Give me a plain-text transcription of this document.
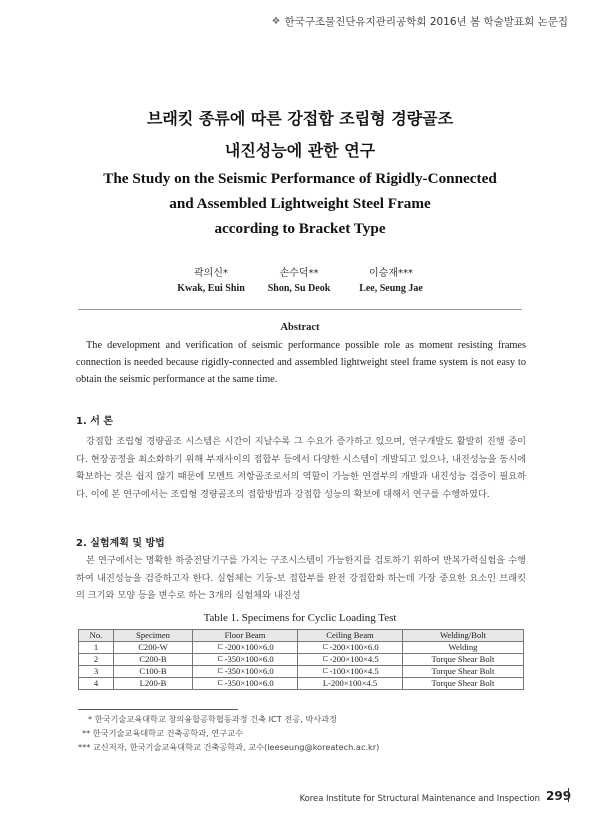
❖ 한국구조물진단유지관리공학회 2016년 봄 학술발표회 논문집
브래킷 종류에 따른 강접합 조립형 경량골조
내진성능에 관한 연구
The Study on the Seismic Performance of Rigidly-Connected
and Assembled Lightweight Steel Frame
according to Bracket Type
곽의신*
Kwak, Eui Shin
손수덕**
Shon, Su Deok
이승재***
Lee, Seung Jae
Abstract
The development and verification of seismic performance possible role as moment resisting frames connection is needed because rigidly-connected and assembled lightweight steel frame system is not easy to obtain the seismic performance at the same time.
1. 서 론
강접합 조립형 경량골조 시스템은 시간이 지날수록 그 수요가 증가하고 있으며, 연구개발도 활발히 진행 중이다. 현장공정을 최소화하기 위해 부재사이의 접합부 등에서 다양한 시스템이 개발되고 있으나, 내진성능을 동시에 확보하는 것은 쉽지 않기 때문에 모멘트 저항골조로서의 역할이 가능한 연결부의 개발과 내진성능 검증이 필요하다. 이에 본 연구에서는 조립형 경량골조의 접합방법과 강접합 성능의 확보에 대해서 연구를 수행하였다.
2. 실험계획 및 방법
본 연구에서는 명확한 하중전달기구를 가지는 구조시스템이 가능한지를 검토하기 위하여 반복가력실험을 수행하여 내진성능을 검증하고자 한다. 실험체는 기둥-보 접합부를 완전 강접합화 하는데 가장 중요한 요소인 브래킷의 크기와 모양 등을 변수로 하는 3개의 실험체와 내진성
Table 1. Specimens for Cyclic Loading Test
No.	Specimen	Floor Beam	Ceiling Beam	Welding/Bolt
1	C200-W	ㄷ-200×100×6.0	ㄷ-200×100×6.0	Welding
2	C200-B	ㄷ-350×100×6.0	ㄷ-200×100×4.5	Torque Shear Bolt
3	C100-B	ㄷ-350×100×6.0	ㄷ-100×100×4.5	Torque Shear Bolt
4	L200-B	ㄷ-350×100×6.0	L-200×100×4.5	Torque Shear Bolt
* 한국기술교육대학교 창의융합공학협동과정 건축 ICT 전공, 박사과정
** 한국기술교육대학교 건축공학과, 연구교수
*** 교신저자, 한국기술교육대학교 건축공학과, 교수(leeseung@koreatech.ac.kr)
Korea Institute for Structural Maintenance and Inspection 299
